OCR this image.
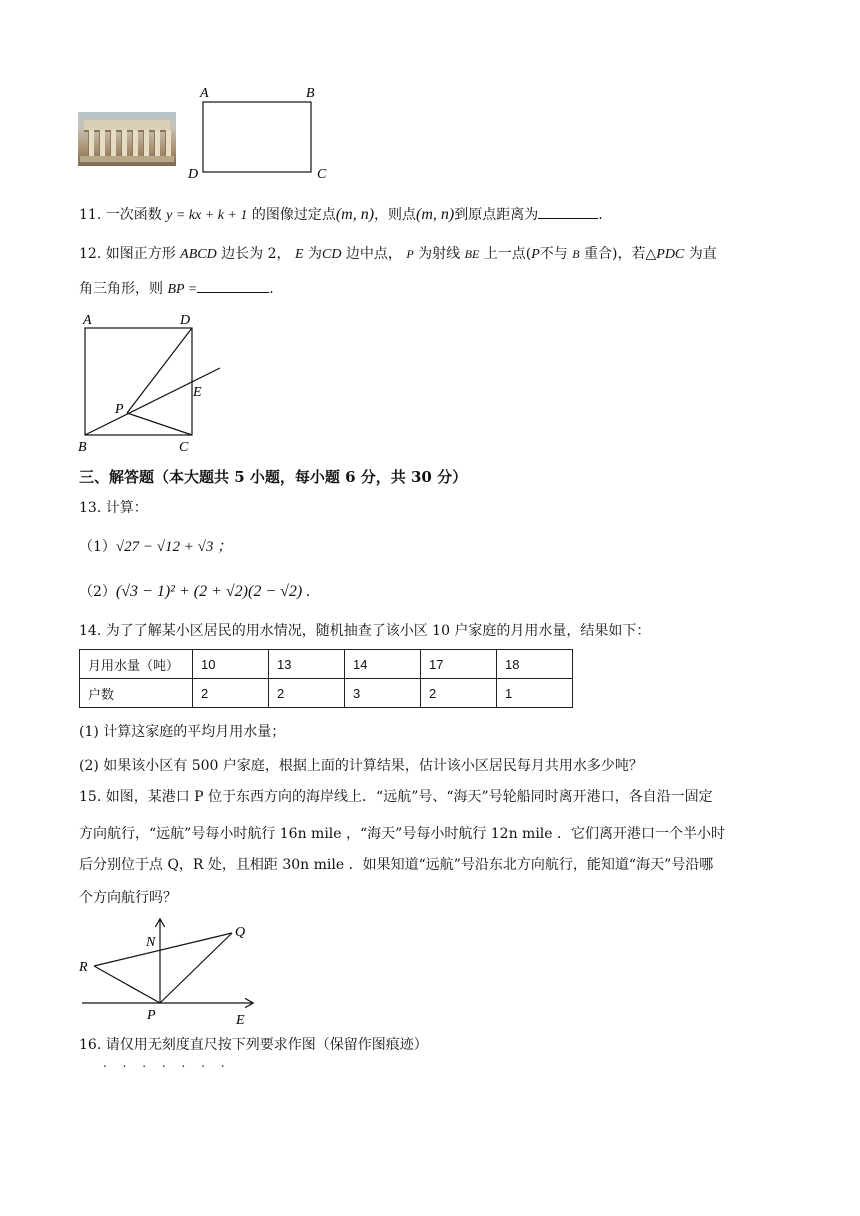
A	B
C
D
11. 一次函数 y = kx + k + 1 的图像过定点(m, n)，则点(m, n)到原点距离为	.
12. 如图正方形 ABCD 边长为 2， E 为CD 边中点， P 为射线 BE 上一点(P不与 B 重合)，若△PDC 为直
角三角形，则 BP =	.
A	D
E
P
B	C
三、解答题（本大题共 5 小题，每小题 6 分，共 30 分）
13. 计算：
（1）√27 − √12 + √3 ；
（2）(√3 − 1)² + (2 + √2)(2 − √2) .
14. 为了了解某小区居民的用水情况，随机抽查了该小区 10 户家庭的月用水量，结果如下：
月用水量（吨）	10	13	14	17	18
户数	2	2	3	2	1
(1) 计算这家庭的平均月用水量；
(2) 如果该小区有 500 户家庭，根据上面的计算结果，估计该小区居民每月共用水多少吨？
15. 如图，某港口 P 位于东西方向的海岸线上．“远航”号、“海天”号轮船同时离开港口，各自沿一固定
方向航行，“远航”号每小时航行 16n mile ，“海天”号每小时航行 12n mile ．它们离开港口一个半小时
后分别位于点 Q，R 处，且相距 30n mile ．如果知道“远航”号沿东北方向航行，能知道“海天”号沿哪
个方向航行吗？
N
Q
R
P	E
16. 请仅用无刻度直尺按下列要求作图（保留作图痕迹）
. . . . . . .
